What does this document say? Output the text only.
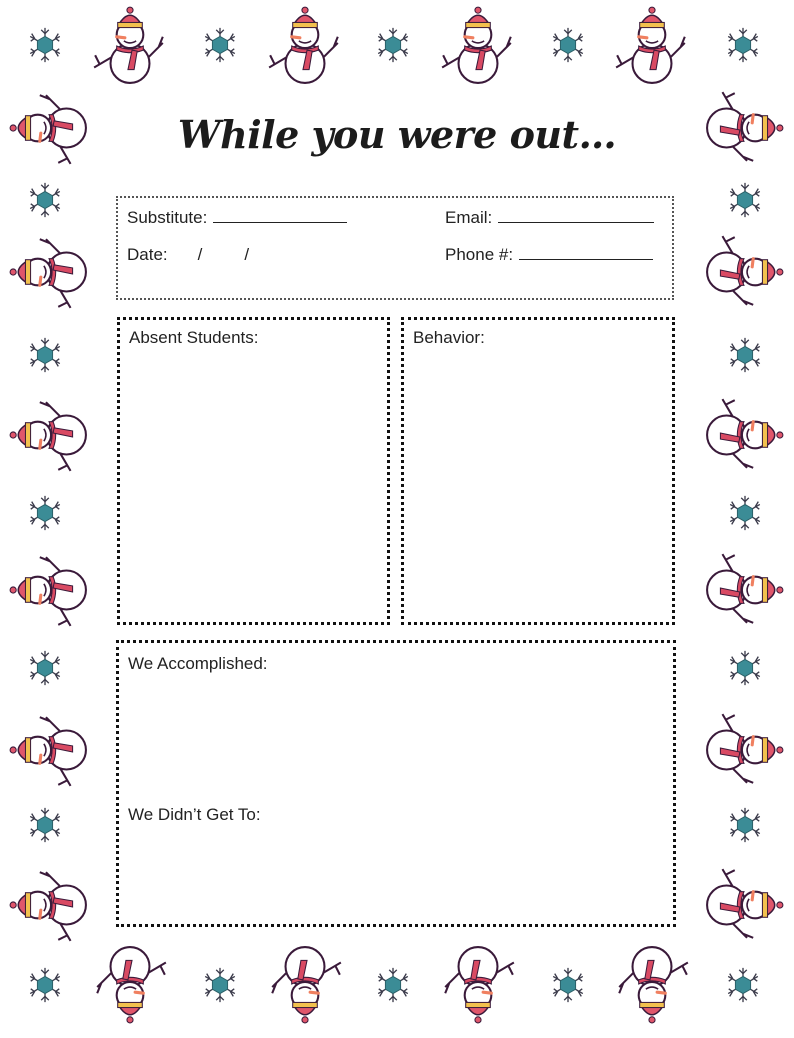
While you were out…
Substitute:	Email:
Date: / /	Phone #:
Absent Students:	Behavior:
We Accomplished:
We Didn’t Get To:
